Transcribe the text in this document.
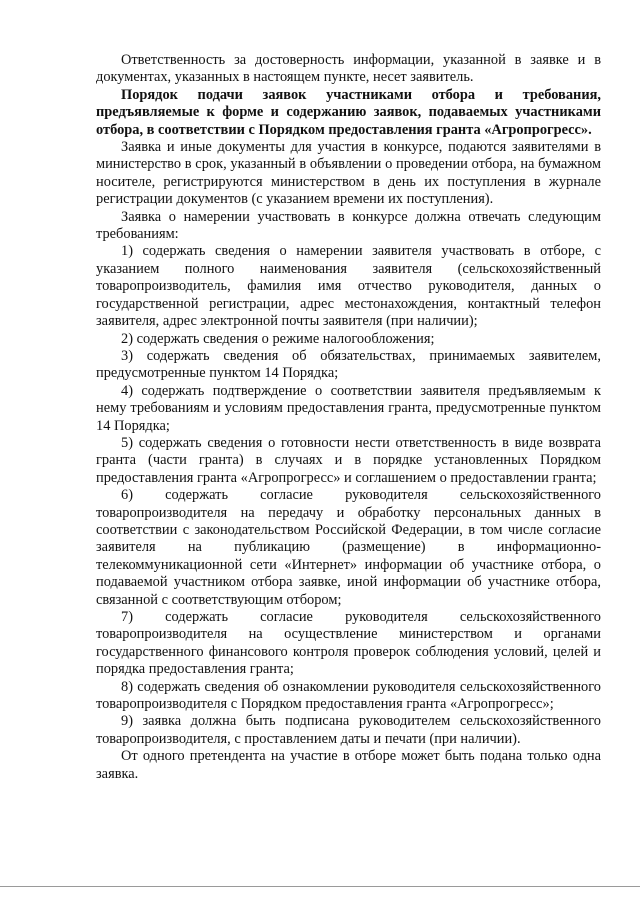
Ответственность за достоверность информации, указанной в заявке и в документах, указанных в настоящем пункте, несет заявитель.

Порядок подачи заявок участниками отбора и требования, предъявляемые к форме и содержанию заявок, подаваемых участниками отбора, в соответствии с Порядком предоставления гранта «Агропрогресс».

Заявка и иные документы для участия в конкурсе, подаются заявителями в министерство в срок, указанный в объявлении о проведении отбора, на бумажном носителе, регистрируются министерством в день их поступления в журнале регистрации документов (с указанием времени их поступления).

Заявка о намерении участвовать в конкурсе должна отвечать следующим требованиям:

1) содержать сведения о намерении заявителя участвовать в отборе, с указанием полного наименования заявителя (сельскохозяйственный товаропроизводитель, фамилия имя отчество руководителя, данных о государственной регистрации, адрес местонахождения, контактный телефон заявителя, адрес электронной почты заявителя (при наличии);

2) содержать сведения о режиме налогообложения;

3) содержать сведения об обязательствах, принимаемых заявителем, предусмотренные пунктом 14 Порядка;

4) содержать подтверждение о соответствии заявителя предъявляемым к нему требованиям и условиям предоставления гранта, предусмотренные пунктом 14 Порядка;

5) содержать сведения о готовности нести ответственность в виде возврата гранта (части гранта) в случаях и в порядке установленных Порядком предоставления гранта «Агропрогресс» и соглашением о предоставлении гранта;

6) содержать согласие руководителя сельскохозяйственного товаропроизводителя на передачу и обработку персональных данных в соответствии с законодательством Российской Федерации, в том числе согласие заявителя на публикацию (размещение) в информационно-телекоммуникационной сети «Интернет» информации об участнике отбора, о подаваемой участником отбора заявке, иной информации об участнике отбора, связанной с соответствующим отбором;

7) содержать согласие руководителя сельскохозяйственного товаропроизводителя на осуществление министерством и органами государственного финансового контроля проверок соблюдения условий, целей и порядка предоставления гранта;

8) содержать сведения об ознакомлении руководителя сельскохозяйственного товаропроизводителя с Порядком предоставления гранта «Агропрогресс»;

9) заявка должна быть подписана руководителем сельскохозяйственного товаропроизводителя, с проставлением даты и печати (при наличии).

От одного претендента на участие в отборе может быть подана только одна заявка.
